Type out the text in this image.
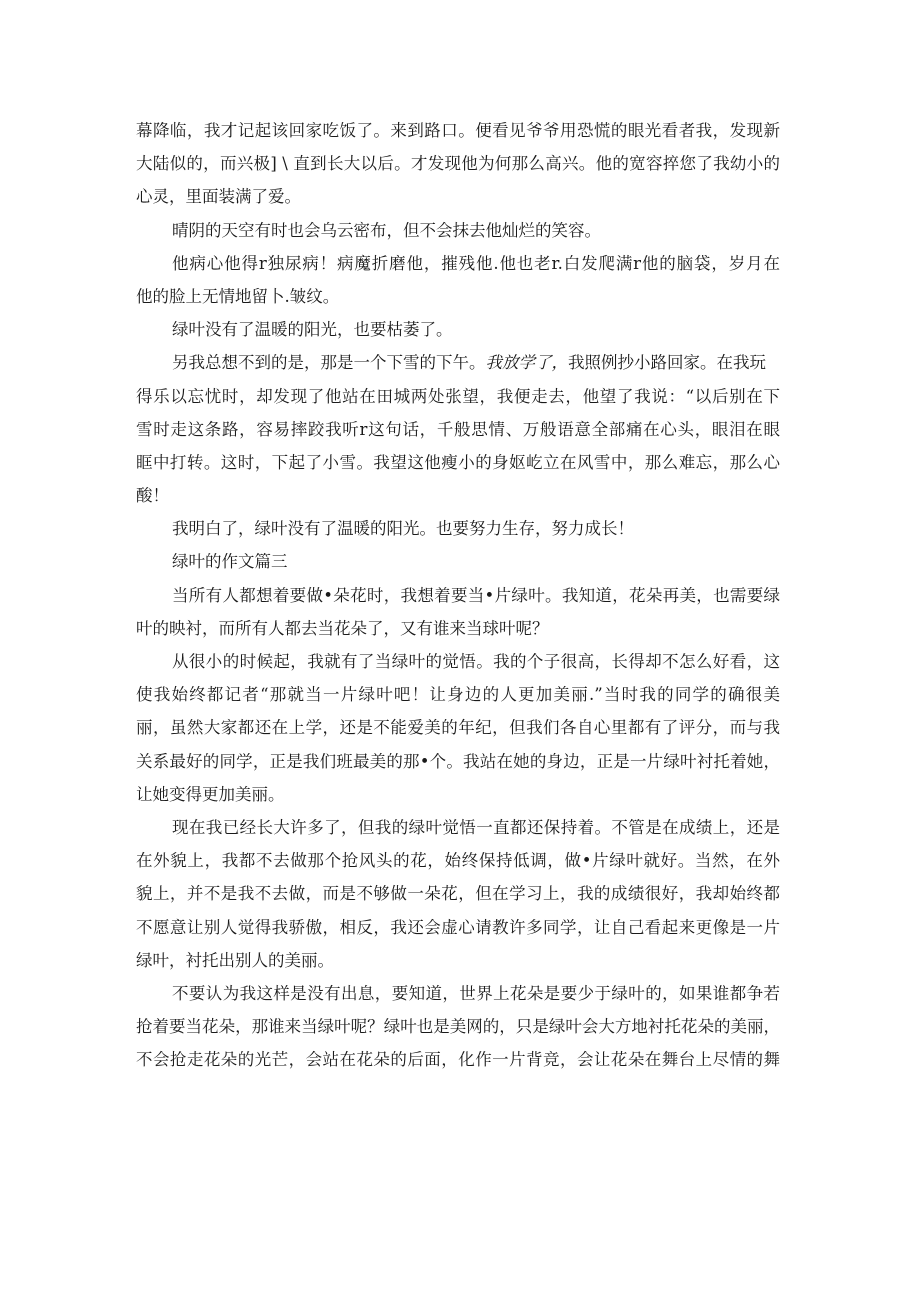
幕降临，我才记起该回家吃饭了。来到路口。便看见爷爷用恐慌的眼光看者我，发现新
大陆似的，而兴极] \ 直到长大以后。才发现他为何那么高兴。他的宽容捽您了我幼小的
心灵，里面装满了爱。
晴阴的天空有时也会乌云密布，但不会抹去他灿烂的笑容。
他病心他得r独尿病！病魔折磨他，摧残他.他也老r.白发爬满r他的脑袋，岁月在
他的脸上无情地留卜.皱纹。
绿叶没有了温暖的阳光，也要枯萎了。
另我总想不到的是，那是一个下雪的下午。我放学了，我照例抄小路回家。在我玩
得乐以忘忧时，却发现了他站在田城两处张望，我便走去，他望了我说：“以后别在下
雪时走这条路，容易摔跤我听r这句话，千般思情、万般语意全部痛在心头，眼泪在眼
眶中打转。这时，下起了小雪。我望这他瘦小的身妪屹立在风雪中，那么难忘，那么心
酸！
我明白了，绿叶没有了温暖的阳光。也要努力生存，努力成长！
绿叶的作文篇三
当所有人都想着要做•朵花时，我想着要当•片绿叶。我知道，花朵再美，也需要绿
叶的映衬，而所有人都去当花朵了，又有谁来当球叶呢？
从很小的时候起，我就有了当绿叶的觉悟。我的个子很高，长得却不怎么好看，这
使我始终都记者“那就当一片绿叶吧！让身边的人更加美丽.”当时我的同学的确很美
丽，虽然大家都还在上学，还是不能爱美的年纪，但我们各自心里都有了评分，而与我
关系最好的同学，正是我们班最美的那•个。我站在她的身边，正是一片绿叶衬托着她，
让她变得更加美丽。
现在我已经长大许多了，但我的绿叶觉悟一直都还保持着。不管是在成绩上，还是
在外貌上，我都不去做那个抢风头的花，始终保持低调，做•片绿叶就好。当然，在外
貌上，并不是我不去做，而是不够做一朵花，但在学习上，我的成绩很好，我却始终都
不愿意让别人觉得我骄傲，相反，我还会虚心请教许多同学，让自己看起来更像是一片
绿叶，衬托出别人的美丽。
不要认为我这样是没有出息，要知道，世界上花朵是要少于绿叶的，如果谁都争若
抢着要当花朵，那谁来当绿叶呢？绿叶也是美网的，只是绿叶会大方地衬托花朵的美丽，
不会抢走花朵的光芒，会站在花朵的后面，化作一片背竞，会让花朵在舞台上尽情的舞
